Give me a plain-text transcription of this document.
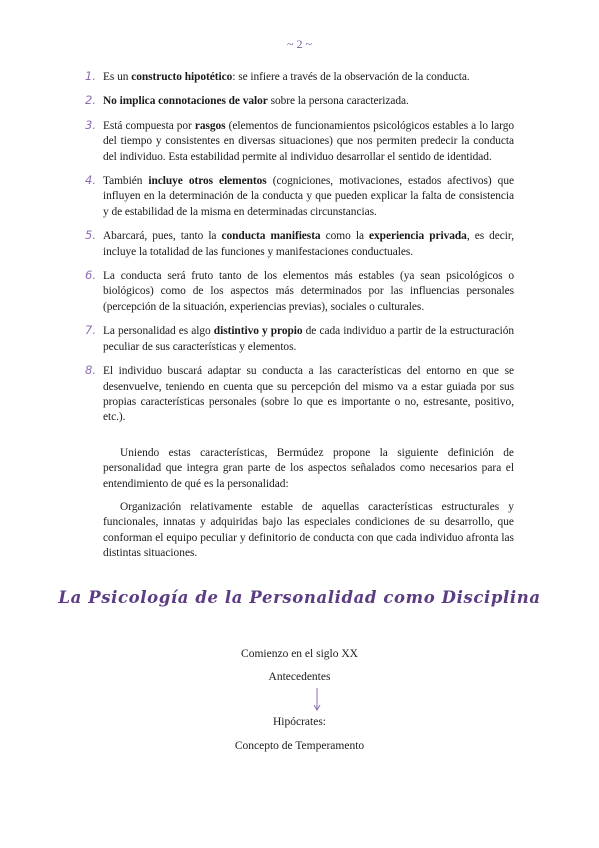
~ 2 ~
1. Es un constructo hipotético: se infiere a través de la observación de la conducta.

2. No implica connotaciones de valor sobre la persona caracterizada.

3. Está compuesta por rasgos (elementos de funcionamientos psicológicos estables a lo largo del tiempo y consistentes en diversas situaciones) que nos permiten predecir la conducta del individuo. Esta estabilidad permite al individuo desarrollar el sentido de identidad.

4. También incluye otros elementos (cogniciones, motivaciones, estados afectivos) que influyen en la determinación de la conducta y que pueden explicar la falta de consistencia y de estabilidad de la misma en determinadas circunstancias.

5. Abarcará, pues, tanto la conducta manifiesta como la experiencia privada, es decir, incluye la totalidad de las funciones y manifestaciones conductuales.

6. La conducta será fruto tanto de los elementos más estables (ya sean psicológicos o biológicos) como de los aspectos más determinados por las influencias personales (percepción de la situación, experiencias previas), sociales o culturales.

7. La personalidad es algo distintivo y propio de cada individuo a partir de la estructuración peculiar de sus características y elementos.

8. El individuo buscará adaptar su conducta a las características del entorno en que se desenvuelve, teniendo en cuenta que su percepción del mismo va a estar guiada por sus propias características personales (sobre lo que es importante o no, estresante, positivo, etc.).

Uniendo estas características, Bermúdez propone la siguiente definición de personalidad que integra gran parte de los aspectos señalados como necesarios para el entendimiento de qué es la personalidad:

Organización relativamente estable de aquellas características estructurales y funcionales, innatas y adquiridas bajo las especiales condiciones de su desarrollo, que conforman el equipo peculiar y definitorio de conducta con que cada individuo afronta las distintas situaciones.

La Psicología de la Personalidad como Disciplina
Comienzo en el siglo XX
Antecedentes
Hipócrates:
Concepto de Temperamento
